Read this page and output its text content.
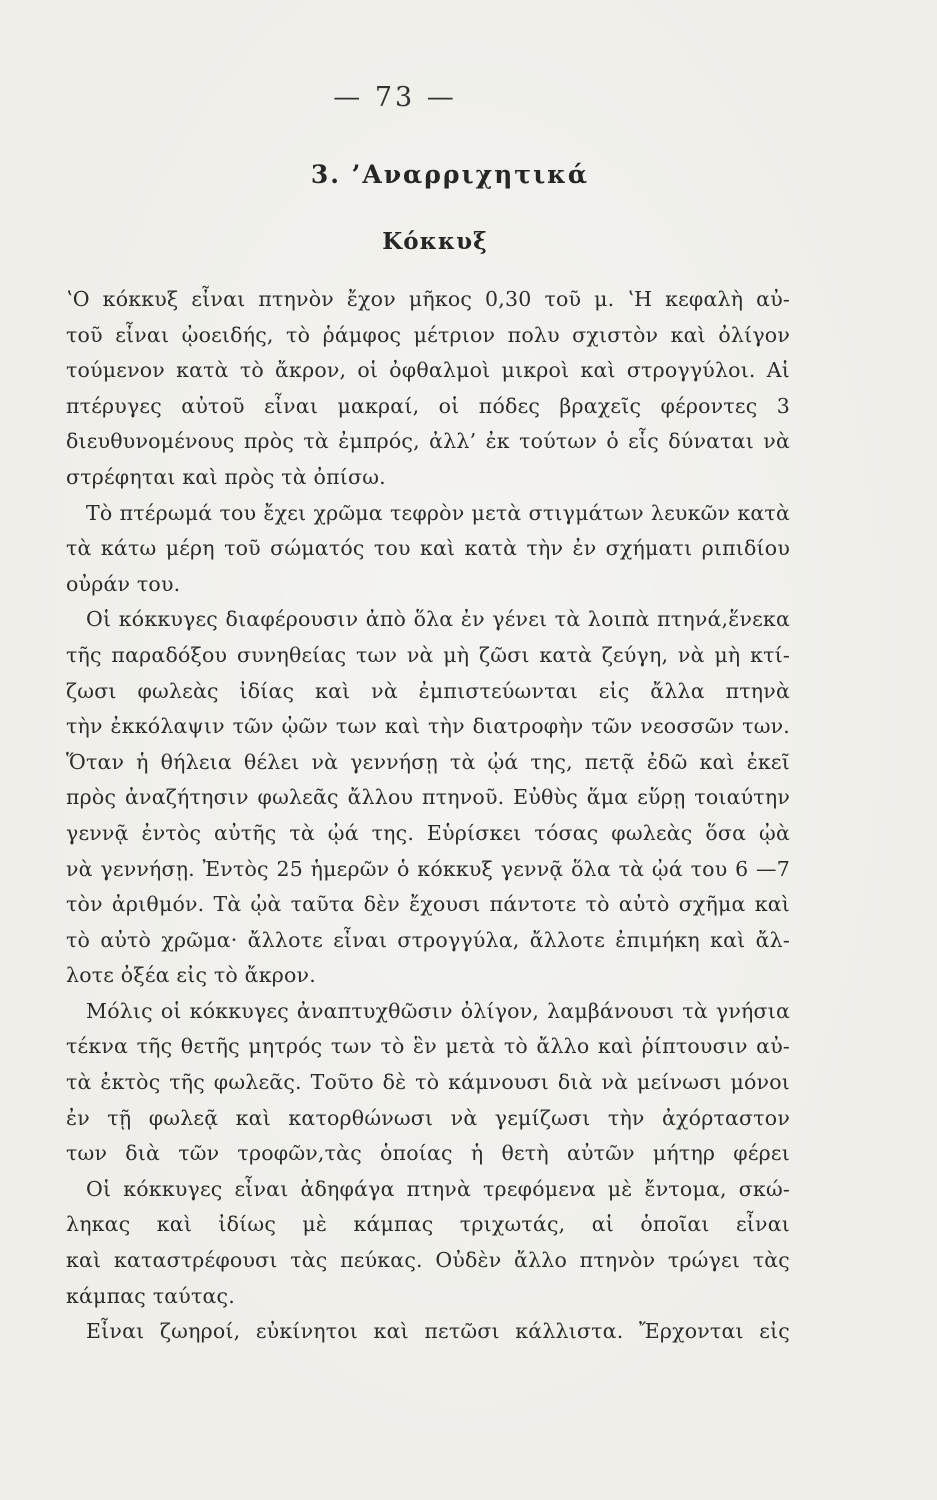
— 73 —
3. ’Αναρριχητικά
Κόκκυξ
ʽΟ κόκκυξ εἶναι πτηνὸν ἔχον μῆκος 0,30 τοῦ μ. ʽΗ κεφαλὴ αὐ-
τοῦ εἶναι ᾠοειδής, τὸ ῥάμφος μέτριον πολυ σχιστὸν καὶ ὀλίγον
τούμενον κατὰ τὸ ἄκρον, οἱ ὀφθαλμοὶ μικροὶ καὶ στρογγύλοι. Αἱ
πτέρυγες αὐτοῦ εἶναι μακραί, οἱ πόδες βραχεῖς φέροντες 3
διευθυνομένους πρὸς τὰ ἐμπρός, ἀλλ’ ἐκ τούτων ὁ εἷς δύναται νὰ
στρέφηται καὶ πρὸς τὰ ὀπίσω.
Τὸ πτέρωμά του ἔχει χρῶμα τεφρὸν μετὰ στιγμάτων λευκῶν κατὰ
τὰ κάτω μέρη τοῦ σώματός του καὶ κατὰ τὴν ἐν σχήματι ριπιδίου
οὐράν του.
Οἱ κόκκυγες διαφέρουσιν ἀπὸ ὅλα ἐν γένει τὰ λοιπὰ πτηνά,ἕνεκα
τῆς παραδόξου συνηθείας των νὰ μὴ ζῶσι κατὰ ζεύγη, νὰ μὴ κτί-
ζωσι φωλεὰς ἰδίας καὶ νὰ ἐμπιστεύωνται εἰς ἄλλα πτηνὰ
τὴν ἐκκόλαψιν τῶν ᾠῶν των καὶ τὴν διατροφὴν τῶν νεοσσῶν των.
Ὅταν ἡ θήλεια θέλει νὰ γεννήσῃ τὰ ᾠά της, πετᾷ ἐδῶ καὶ ἐκεῖ
πρὸς ἀναζήτησιν φωλεᾶς ἄλλου πτηνοῦ. Εὐθὺς ἅμα εὕρῃ τοιαύτην
γεννᾷ ἐντὸς αὐτῆς τὰ ᾠά της. Εὑρίσκει τόσας φωλεὰς ὅσα ᾠὰ
νὰ γεννήσῃ. Ἐντὸς 25 ἡμερῶν ὁ κόκκυξ γεννᾷ ὅλα τὰ ᾠά του 6 —7
τὸν ἀριθμόν. Τὰ ᾠὰ ταῦτα δὲν ἔχουσι πάντοτε τὸ αὐτὸ σχῆμα καὶ
τὸ αὐτὸ χρῶμα· ἄλλοτε εἶναι στρογγύλα, ἄλλοτε ἐπιμήκη καὶ ἄλ-
λοτε ὀξέα εἰς τὸ ἄκρον.
Μόλις οἱ κόκκυγες ἀναπτυχθῶσιν ὀλίγον, λαμβάνουσι τὰ γνήσια
τέκνα τῆς θετῆς μητρός των τὸ ἓν μετὰ τὸ ἄλλο καὶ ῥίπτουσιν αὐ-
τὰ ἐκτὸς τῆς φωλεᾶς. Τοῦτο δὲ τὸ κάμνουσι διὰ νὰ μείνωσι μόνοι
ἐν τῇ φωλεᾷ καὶ κατορθώνωσι νὰ γεμίζωσι τὴν ἀχόρταστον
των διὰ τῶν τροφῶν,τὰς ὁποίας ἡ θετὴ αὐτῶν μήτηρ φέρει
Οἱ κόκκυγες εἶναι ἀδηφάγα πτηνὰ τρεφόμενα μὲ ἔντομα, σκώ-
ληκας καὶ ἰδίως μὲ κάμπας τριχωτάς, αἱ ὁποῖαι εἶναι
καὶ καταστρέφουσι τὰς πεύκας. Οὐδὲν ἄλλο πτηνὸν τρώγει τὰς
κάμπας ταύτας.
Εἶναι ζωηροί, εὐκίνητοι καὶ πετῶσι κάλλιστα. Ἔρχονται εἰς
